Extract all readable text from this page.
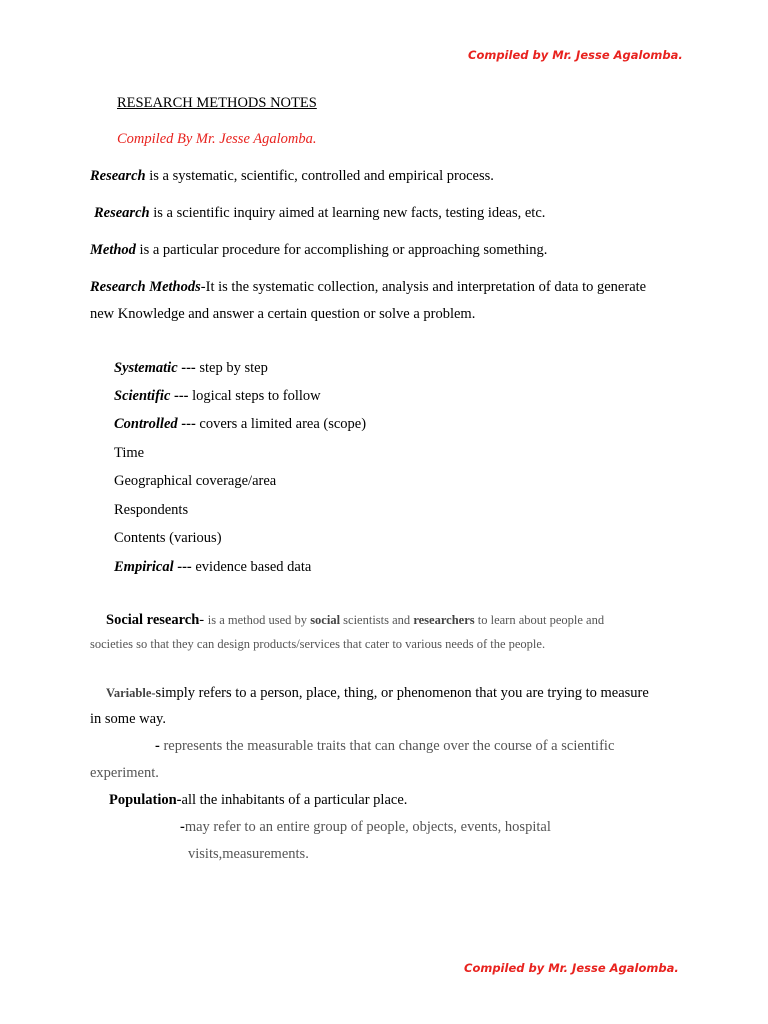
Compiled by Mr. Jesse Agalomba.
RESEARCH METHODS NOTES
Compiled By Mr. Jesse Agalomba.
Research is a systematic, scientific, controlled and empirical process.
Research is a scientific inquiry aimed at learning new facts, testing ideas, etc.
Method is a particular procedure for accomplishing or approaching something.
Research Methods-It is the systematic collection, analysis and interpretation of data to generate
new Knowledge and answer a certain question or solve a problem.
Systematic --- step by step
Scientific --- logical steps to follow
Controlled --- covers a limited area (scope)
Time
Geographical coverage/area
Respondents
Contents (various)
Empirical --- evidence based data
Social research- is a method used by social scientists and researchers to learn about people and
societies so that they can design products/services that cater to various needs of the people.
Variable-simply refers to a person, place, thing, or phenomenon that you are trying to measure
in some way.
- represents the measurable traits that can change over the course of a scientific
experiment.
Population-all the inhabitants of a particular place.
-may refer to an entire group of people, objects, events, hospital
visits,measurements.
Compiled by Mr. Jesse Agalomba.
